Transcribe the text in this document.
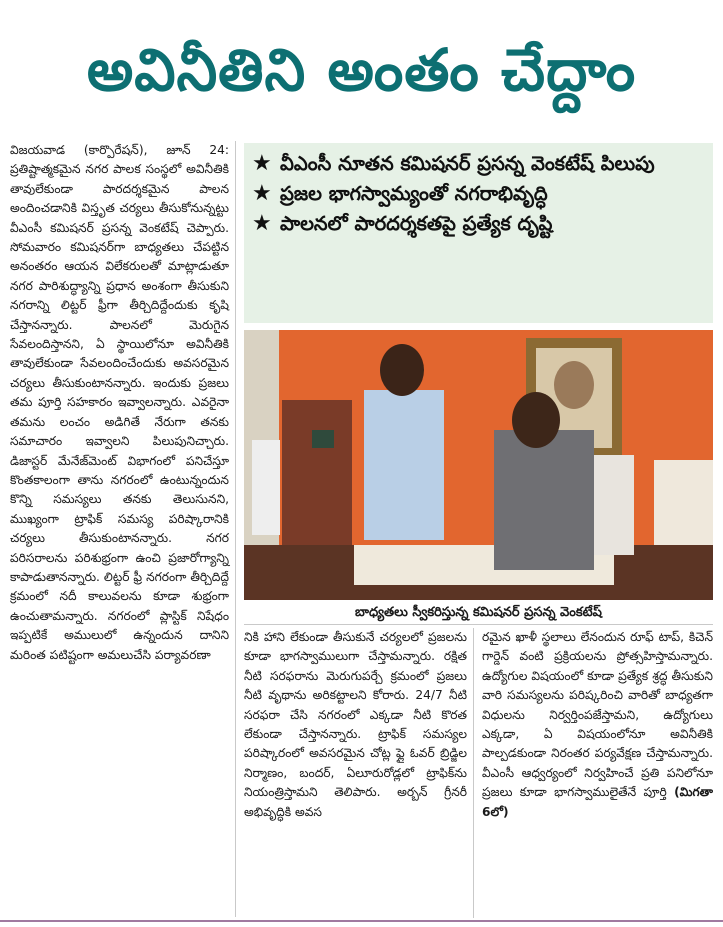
అవినీతిని అంతం చేద్దాం
విజయవాడ (కార్పొరేషన్), జూన్ 24: ప్రతిష్టాత్మకమైన నగర పాలక సంస్థలో అవినీతికి తావులేకుండా పారదర్శకమైన పాలన అందించడానికి విస్తృత చర్యలు తీసుకోనున్నట్టు వీఎంసీ కమిషనర్ ప్రసన్న వెంకటేష్ చెప్పారు. సోమవారం కమిషనర్‌గా బాధ్యతలు చేపట్టిన అనంతరం ఆయన విలేకరులతో మాట్లాడుతూ నగర పారిశుద్ధ్యాన్ని ప్రధాన అంశంగా తీసుకుని నగరాన్ని లిట్టర్ ఫ్రీగా తీర్చిదిద్దేందుకు కృషి చేస్తానన్నారు. పాలనలో మెరుగైన సేవలందిస్తానని, ఏ స్థాయిలోనూ అవినీతికి తావులేకుండా సేవలందించేందుకు అవసరమైన చర్యలు తీసుకుంటానన్నారు. ఇందుకు ప్రజలు తమ పూర్తి సహకారం ఇవ్వాలన్నారు. ఎవరైనా తమను లంచం అడిగితే నేరుగా తనకు సమాచారం ఇవ్వాలని పిలుపునిచ్చారు. డిజాస్టర్ మేనేజ్‌మెంట్ విభాగంలో పనిచేస్తూ కొంతకాలంగా తాను నగరంలో ఉంటున్నందున కొన్ని సమస్యలు తనకు తెలుసునని, ముఖ్యంగా ట్రాఫిక్ సమస్య పరిష్కారానికి చర్యలు తీసుకుంటానన్నారు. నగర పరిసరాలను పరిశుభ్రంగా ఉంచి ప్రజారోగ్యాన్ని కాపాడుతానన్నారు. లిట్టర్ ఫ్రీ నగరంగా తీర్చిదిద్దే క్రమంలో నదీ కాలువలను కూడా శుభ్రంగా ఉంచుతామన్నారు. నగరంలో ప్లాస్టిక్ నిషేధం ఇప్పటికే అములులో ఉన్నందున దానిని మరింత పటిష్టంగా అమలుచేసి పర్యావరణా
★ వీఎంసీ నూతన కమిషనర్ ప్రసన్న వెంకటేష్ పిలుపు
★ ప్రజల భాగస్వామ్యంతో నగరాభివృద్ధి
★ పాలనలో పారదర్శకతపై ప్రత్యేక దృష్టి
బాధ్యతలు స్వీకరిస్తున్న కమిషనర్ ప్రసన్న వెంకటేష్
నికి హాని లేకుండా తీసుకునే చర్యలలో ప్రజలను కూడా భాగస్వాములుగా చేస్తామన్నారు. రక్షిత నీటి సరఫరాను మెరుగుపర్చే క్రమంలో ప్రజలు నీటి వృథాను అరికట్టాలని కోరారు. 24/7 నీటి సరఫరా చేసి నగరంలో ఎక్కడా నీటి కొరత లేకుండా చేస్తానన్నారు. ట్రాఫిక్ సమస్యల పరిష్కారంలో అవసరమైన చోట్ల ఫ్లై ఓవర్ బ్రిడ్జిల నిర్మాణం, బందర్, ఏలూరురోడ్లలో ట్రాఫిక్‌ను నియంత్రిస్తామని తెలిపారు. అర్బన్ గ్రీనరీ అభివృద్ధికి అవస
రమైన ఖాళీ స్థలాలు లేనందున రూఫ్ టాప్, కిచెన్ గార్డెన్ వంటి ప్రక్రియలను ప్రోత్సహిస్తామన్నారు. ఉద్యోగుల విషయంలో కూడా ప్రత్యేక శ్రద్ధ తీసుకుని వారి సమస్యలను పరిష్కరించి వారితో బాధ్యతగా విధులను నిర్వర్తింపజేస్తామని, ఉద్యోగులు ఎక్కడా, ఏ విషయంలోనూ అవినీతికి పాల్పడకుండా నిరంతర పర్యవేక్షణ చేస్తామన్నారు. వీఎంసీ ఆధ్వర్యంలో నిర్వహించే ప్రతి పనిలోనూ ప్రజలు కూడా భాగస్వాములైతేనే పూర్తి (మిగతా 6లో)
